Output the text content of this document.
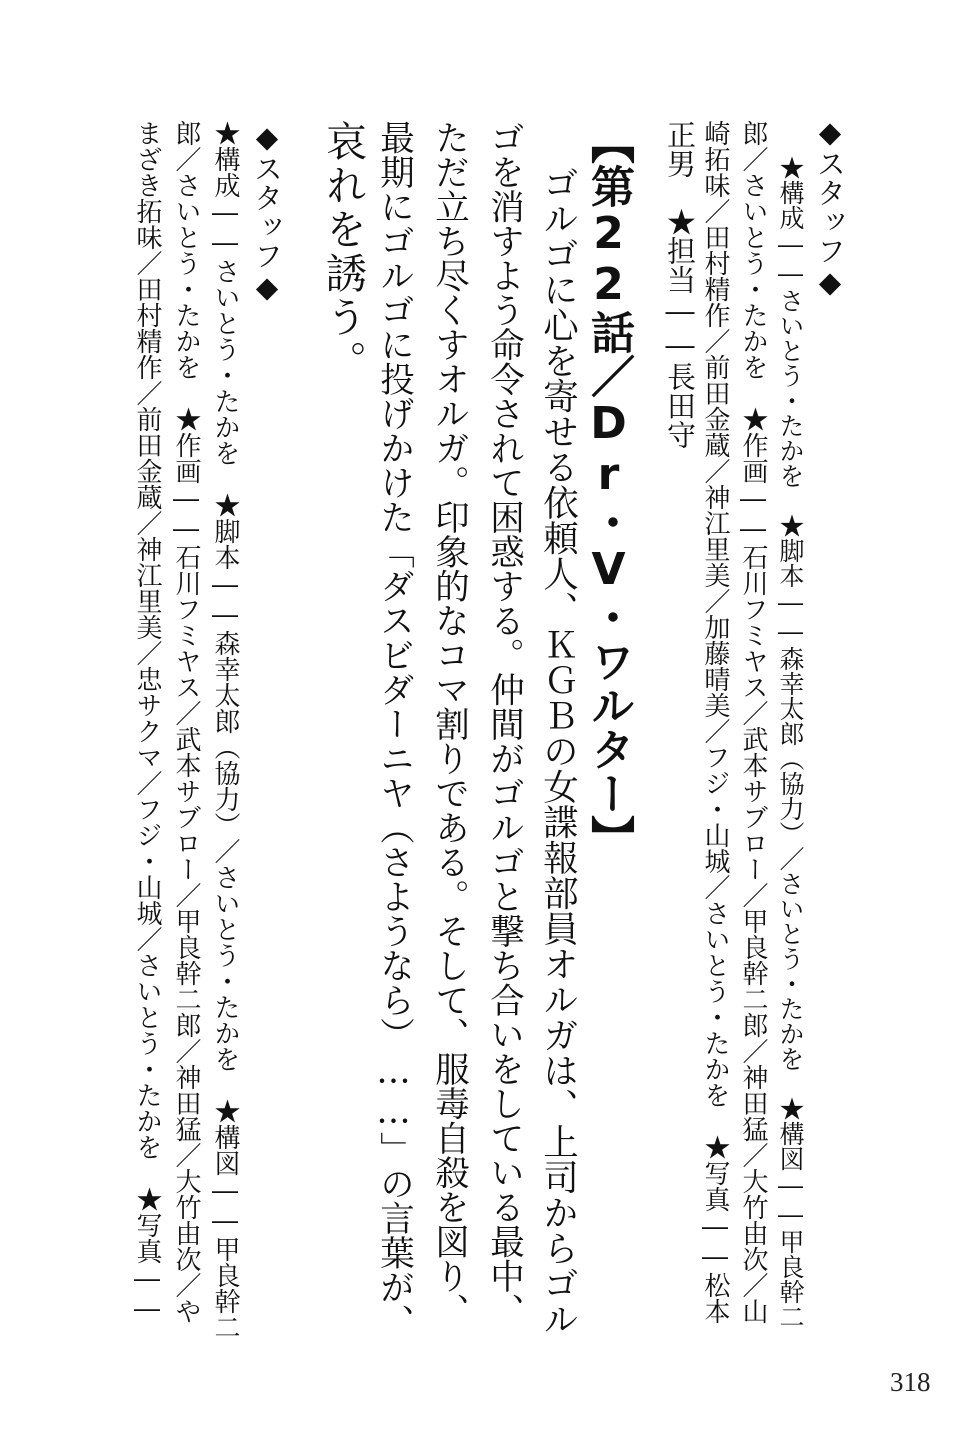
◆スタッフ◆

★構成――さいとう・たかを　★脚本――森幸太郎（協力）／さいとう・たかを　★構図――甲良幹二

郎／さいとう・たかを　★作画――石川フミヤス／武本サブロー／甲良幹二郎／神田猛／大竹由次／山

崎拓味／田村精作／前田金蔵／神江里美／加藤晴美／フジ・山城／さいとう・たかを　★写真――松本

正男　★担当――長田守

【第22話／Dr・V・ワルター】

ゴルゴに心を寄せる依頼人、ＫＧＢの女諜報部員オルガは、上司からゴル

ゴを消すよう命令されて困惑する。仲間がゴルゴと撃ち合いをしている最中、

ただ立ち尽くすオルガ。印象的なコマ割りである。そして、服毒自殺を図り、

最期にゴルゴに投げかけた「ダスビダーニヤ（さようなら）……」の言葉が、

哀れを誘う。

◆スタッフ◆

★構成――さいとう・たかを　★脚本――森幸太郎（協力）／さいとう・たかを　★構図――甲良幹二

郎／さいとう・たかを　★作画――石川フミヤス／武本サブロー／甲良幹二郎／神田猛／大竹由次／や

まざき拓味／田村精作／前田金蔵／神江里美／忠サクマ／フジ・山城／さいとう・たかを　★写真――

318
